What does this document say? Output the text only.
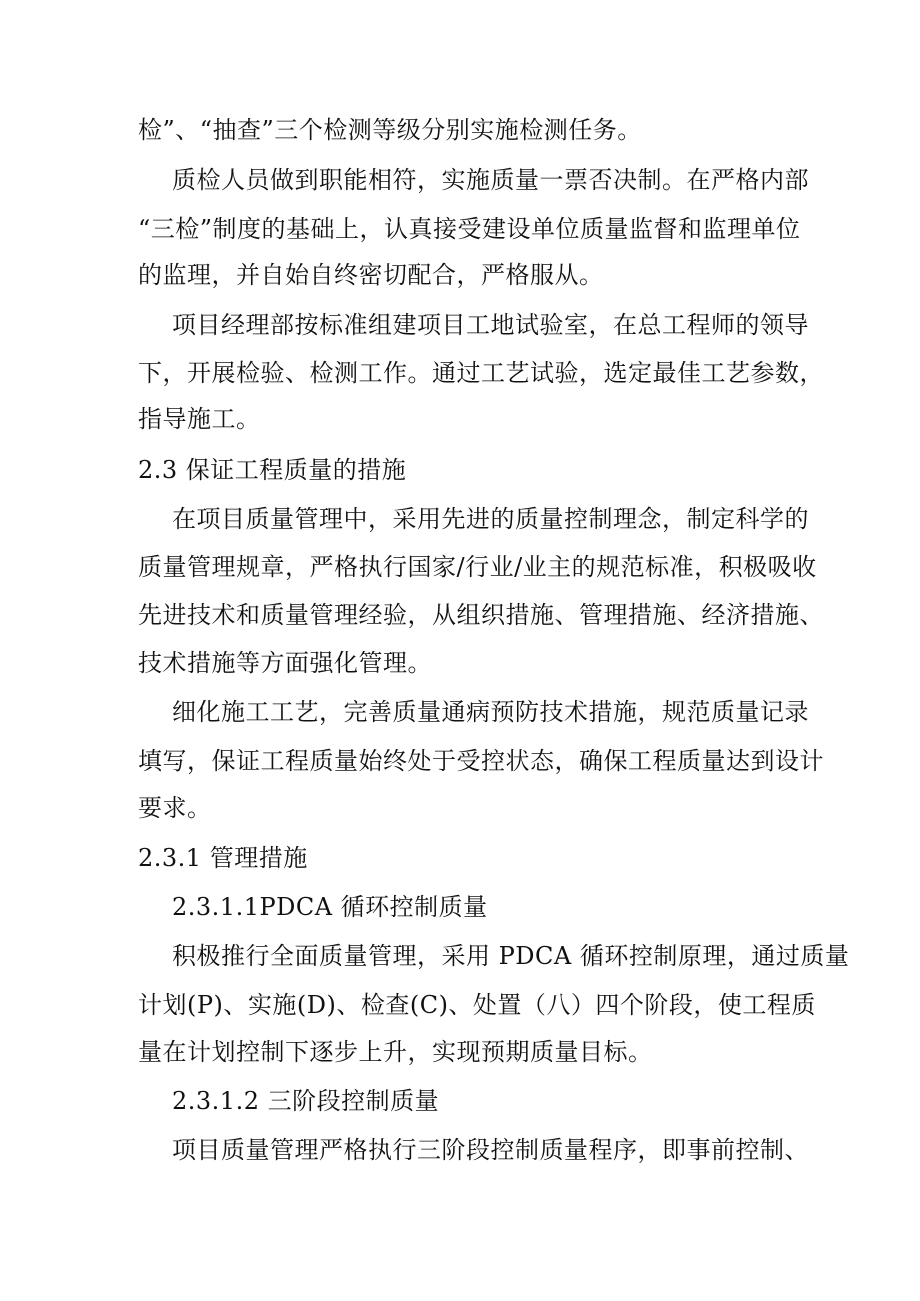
检”、“抽查”三个检测等级分别实施检测任务。
质检人员做到职能相符，实施质量一票否决制。在严格内部
“三检”制度的基础上，认真接受建设单位质量监督和监理单位
的监理，并自始自终密切配合，严格服从。
项目经理部按标准组建项目工地试验室，在总工程师的领导
下，开展检验、检测工作。通过工艺试验，选定最佳工艺参数，
指导施工。
2.3 保证工程质量的措施
在项目质量管理中，采用先进的质量控制理念，制定科学的
质量管理规章，严格执行国家/行业/业主的规范标准，积极吸收
先进技术和质量管理经验，从组织措施、管理措施、经济措施、
技术措施等方面强化管理。
细化施工工艺，完善质量通病预防技术措施，规范质量记录
填写，保证工程质量始终处于受控状态，确保工程质量达到设计
要求。
2.3.1 管理措施
2.3.1.1PDCA 循环控制质量
积极推行全面质量管理，采用 PDCA 循环控制原理，通过质量
计划(P)、实施(D)、检查(C)、处置（八）四个阶段，使工程质
量在计划控制下逐步上升，实现预期质量目标。
2.3.1.2 三阶段控制质量
项目质量管理严格执行三阶段控制质量程序，即事前控制、
